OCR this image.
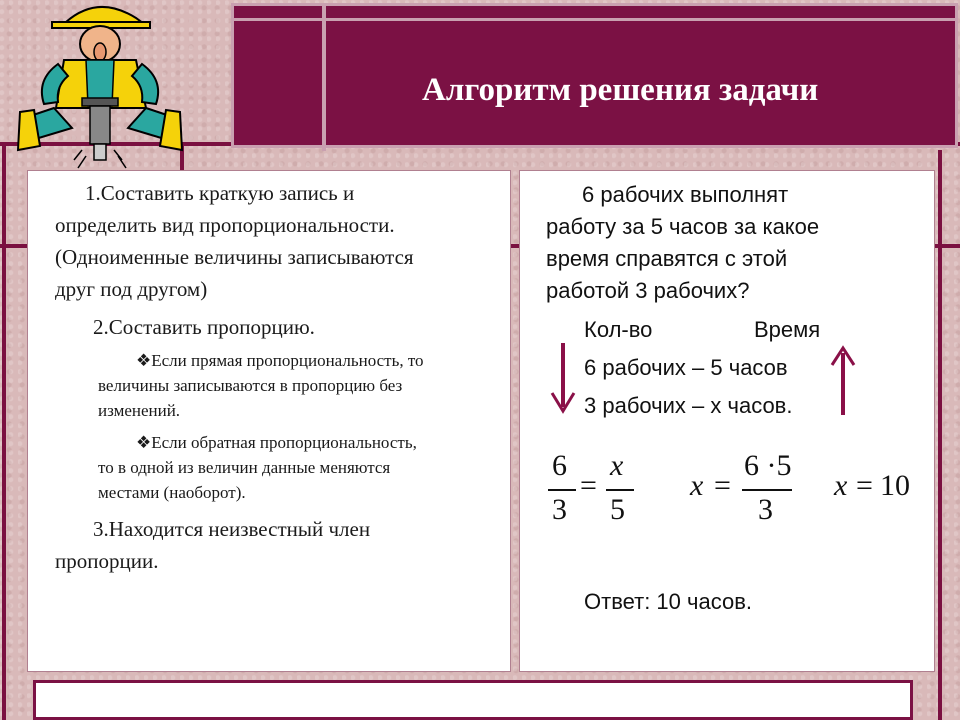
Алгоритм решения задачи
1.Составить краткую запись и
определить вид пропорциональности.
(Одноименные величины записываются
друг под другом)
2.Составить пропорцию.
❖Если прямая пропорциональность, то
величины записываются в пропорцию без
изменений.
❖Если обратная пропорциональность,
то в одной из величин данные меняются
местами (наоборот).
3.Находится неизвестный член
пропорции.
6 рабочих выполнят
работу за 5 часов за какое
время справятся с этой
работой 3 рабочих?
Кол-во	Время
6 рабочих – 5 часов
3 рабочих – х часов.
6
3
=
x
5
x =
6 ·5
3
x = 10
Ответ: 10 часов.
